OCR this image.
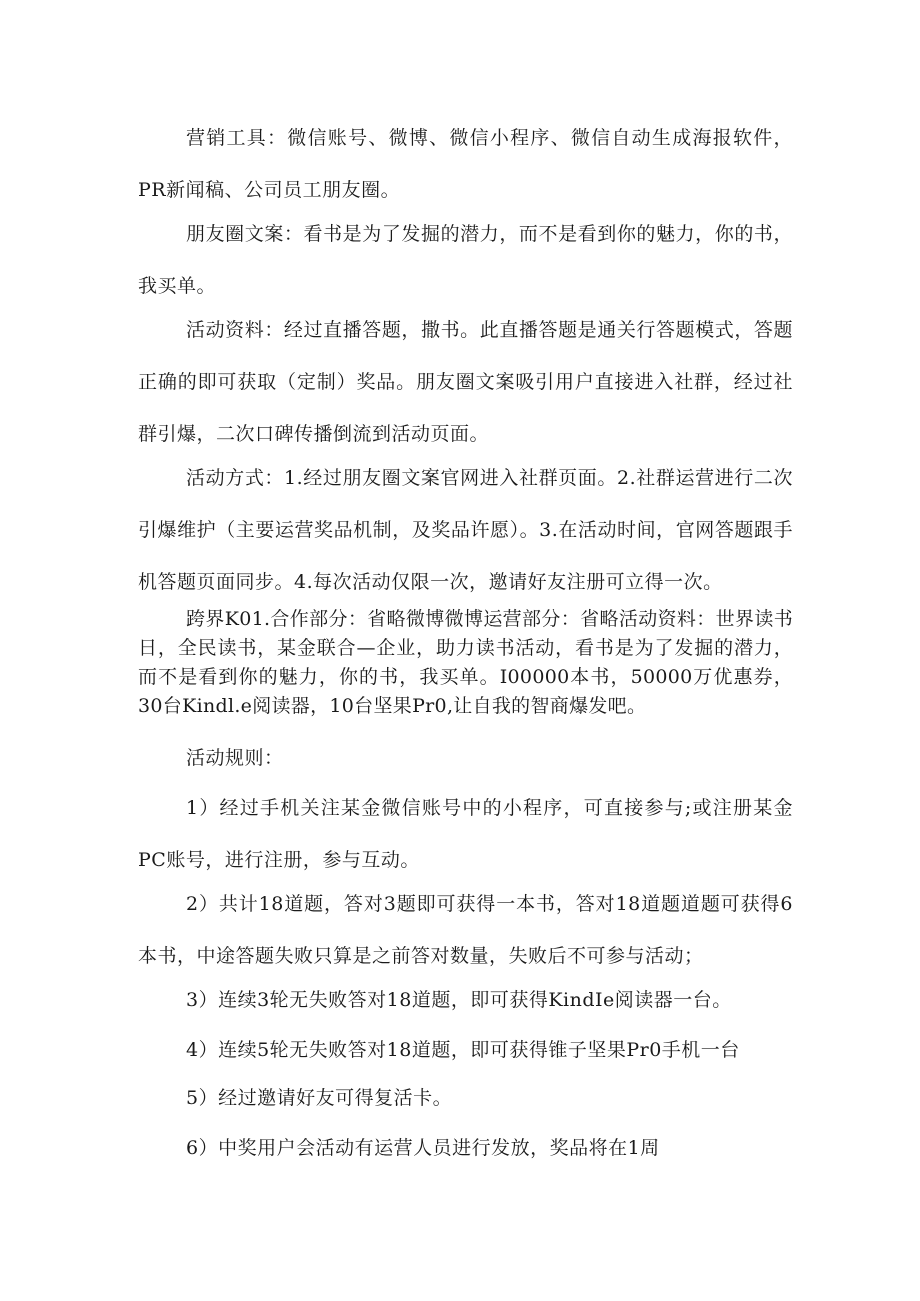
营销工具：微信账号、微博、微信小程序、微信自动生成海报软件，PR新闻稿、公司员工朋友圈。

朋友圈文案：看书是为了发掘的潜力，而不是看到你的魅力，你的书，我买单。

活动资料：经过直播答题，撒书。此直播答题是通关行答题模式，答题正确的即可获取（定制）奖品。朋友圈文案吸引用户直接进入社群，经过社群引爆，二次口碑传播倒流到活动页面。

活动方式：1.经过朋友圈文案官网进入社群页面。2.社群运营进行二次引爆维护（主要运营奖品机制，及奖品许愿）。3.在活动时间，官网答题跟手机答题页面同步。4.每次活动仅限一次，邀请好友注册可立得一次。

跨界K01.合作部分：省略微博微博运营部分：省略活动资料：世界读书日，全民读书，某金联合—企业，助力读书活动，看书是为了发掘的潜力，而不是看到你的魅力，你的书，我买单。I00000本书，50000万优惠券，30台Kindl.e阅读器，10台坚果Pr0,让自我的智商爆发吧。

活动规则：

1）经过手机关注某金微信账号中的小程序，可直接参与;或注册某金PC账号，进行注册，参与互动。

2）共计18道题，答对3题即可获得一本书，答对18道题道题可获得6本书，中途答题失败只算是之前答对数量，失败后不可参与活动；

3）连续3轮无失败答对18道题，即可获得KindIe阅读器一台。

4）连续5轮无失败答对18道题，即可获得锥子坚果Pr0手机一台

5）经过邀请好友可得复活卡。

6）中奖用户会活动有运营人员进行发放，奖品将在1周
